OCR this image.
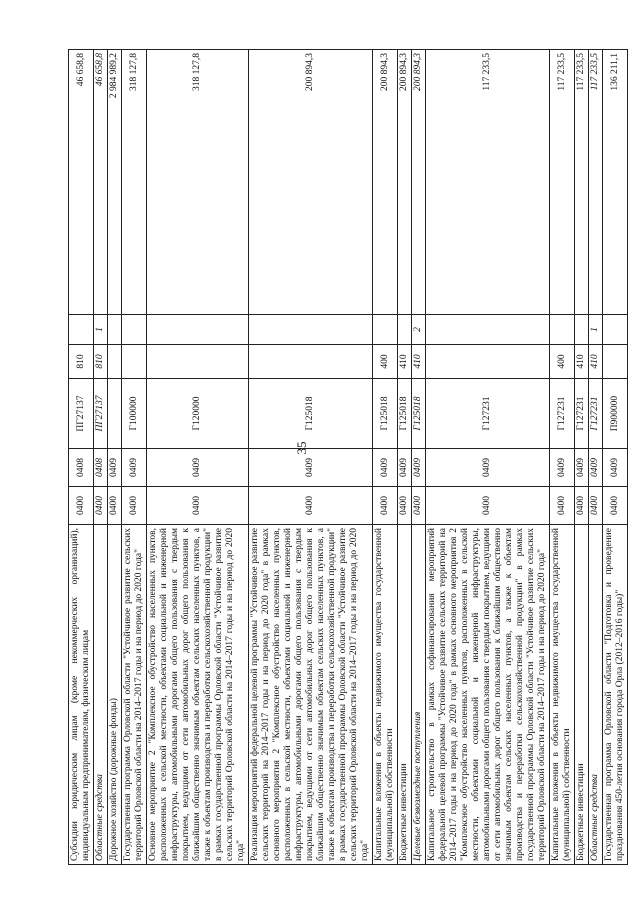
35
Субсидии юридическим лицам (кроме некоммерческих организаций), индивидуальным предпринимателям, физическим лицам	0400	0408	ПГ27137	810		46 658,8
Областные средства	0400	0408	ПГ27137	810	1	46 658,8
Дорожное хозяйство (дорожные фонды)	0400	0409				2 984 989,2
Государственная программа Орловской области "Устойчивое развитие сельских территорий Орловской области на 2014–2017 годы и на период до 2020 года"	0400	0409	Г100000			318 127,8
Основное мероприятие 2 "Комплексное обустройство населенных пунктов, расположенных в сельской местности, объектами социальной и инженерной инфраструктуры, автомобильными дорогами общего пользования с твердым покрытием, ведущими от сети автомобильных дорог общего пользования к ближайшим общественно значимым объектам сельских населенных пунктов, а также к объектам производства и переработки сельскохозяйственной продукции" в рамках государственной программы Орловской области "Устойчивое развитие сельских территорий Орловской области на 2014–2017 годы и на период до 2020 года"	0400	0409	Г120000			318 127,8
Реализация мероприятий федеральной целевой программы "Устойчивое развитие сельских территорий на 2014–2017 годы и на период до 2020 года" в рамках основного мероприятия 2 "Комплексное обустройство населенных пунктов, расположенных в сельской местности, объектами социальной и инженерной инфраструктуры, автомобильными дорогами общего пользования с твердым покрытием, ведущими от сети автомобильных дорог общего пользования к ближайшим общественно значимым объектам сельских населенных пунктов, а также к объектам производства и переработки сельскохозяйственной продукции" в рамках государственной программы Орловской области "Устойчивое развитие сельских территорий Орловской области на 2014–2017 годы и на период до 2020 года"	0400	0409	Г125018			200 894,3
Капитальные вложения в объекты недвижимого имущества государственной (муниципальной) собственности	0400	0409	Г125018	400		200 894,3
Бюджетные инвестиции	0400	0409	Г125018	410		200 894,3
Целевые безвозмездные поступления	0400	0409	Г125018	410	2	200 894,3
Капитальное строительство в рамках софинансирования мероприятий федеральной целевой программы "Устойчивое развитие сельских территорий на 2014–2017 годы и на период до 2020 года" в рамках основного мероприятия 2 "Комплексное обустройство населенных пунктов, расположенных в сельской местности, объектами социальной и инженерной инфраструктуры, автомобильными дорогами общего пользования с твердым покрытием, ведущими от сети автомобильных дорог общего пользования к ближайшим общественно значимым объектам сельских населенных пунктов, а также к объектам производства и переработки сельскохозяйственной продукции" в рамках государственной программы Орловской области "Устойчивое развитие сельских территорий Орловской области на 2014–2017 годы и на период до 2020 года"	0400	0409	Г127231			117 233,5
Капитальные вложения в объекты недвижимого имущества государственной (муниципальной) собственности	0400	0409	Г127231	400		117 233,5
Бюджетные инвестиции	0400	0409	Г127231	410		117 233,5
Областные средства	0400	0409	Г127231	410	1	117 233,5
Государственная программа Орловской области "Подготовка и проведение празднования 450-летия основания города Орла (2012–2016 годы)"	0400	0409	П900000			136 211,1
